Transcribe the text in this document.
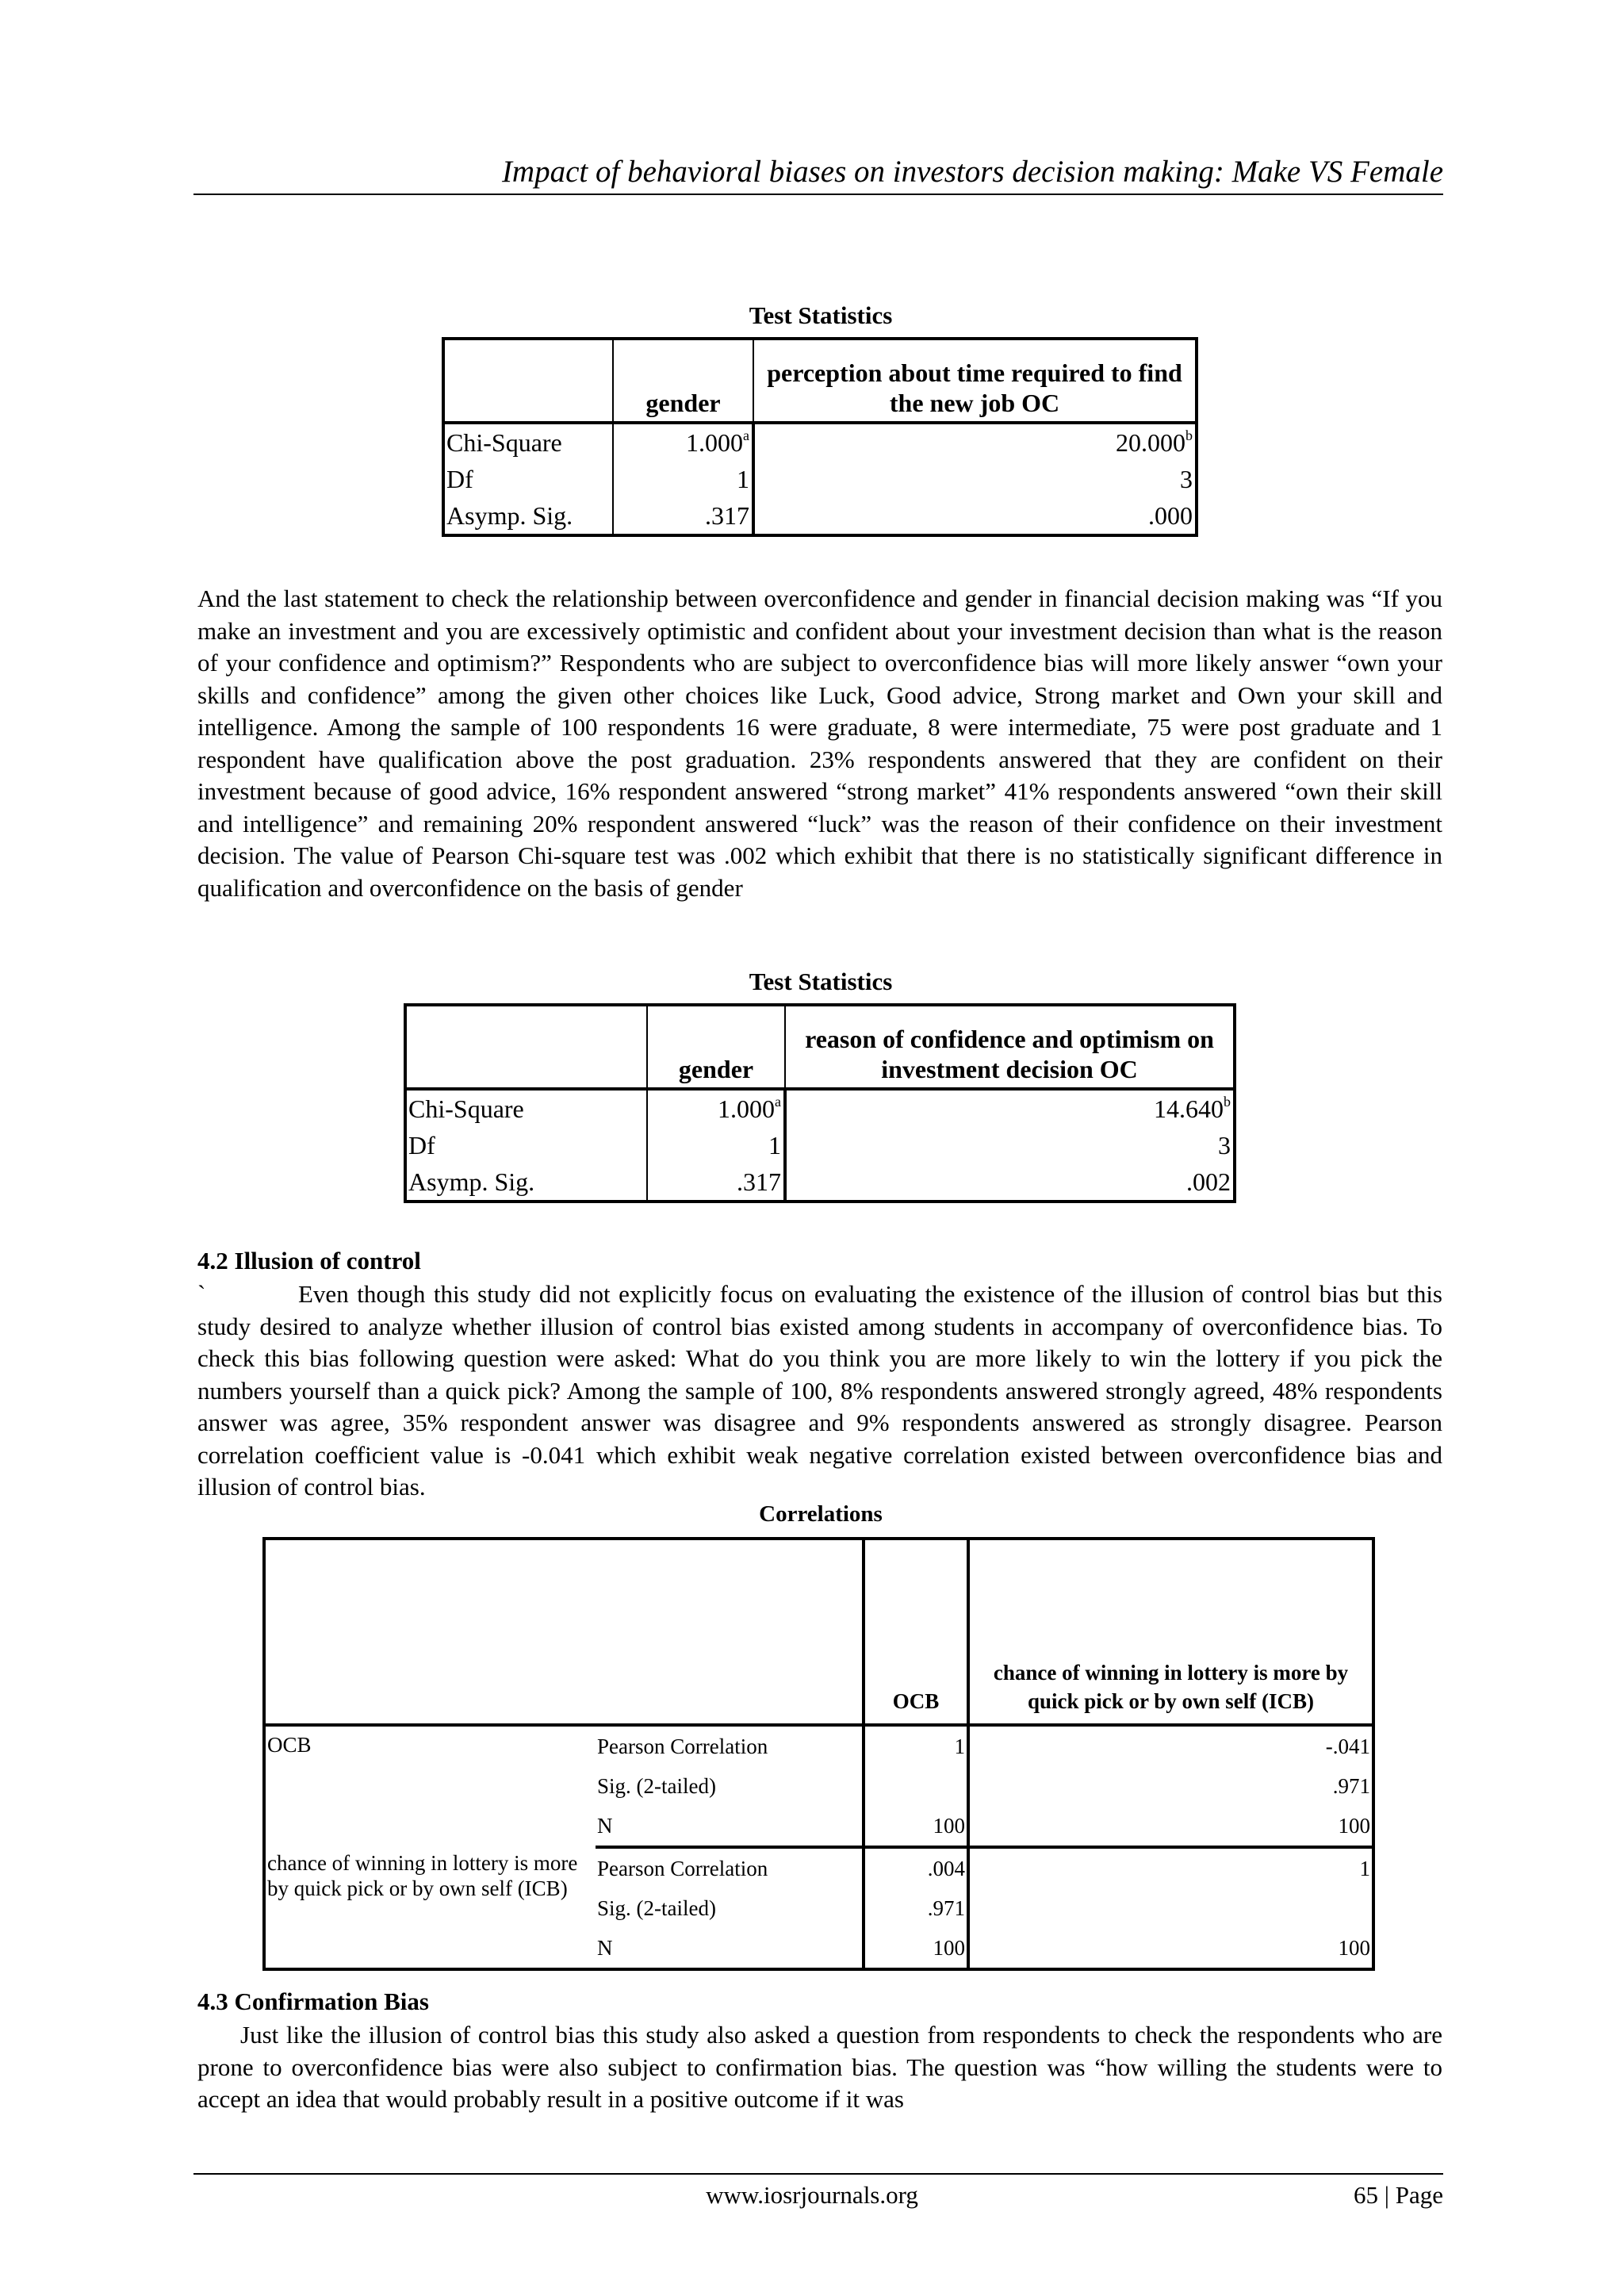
Impact of behavioral biases on investors decision making: Make VS Female
Test Statistics
	gender	perception about time required to find the new job OC
Chi-Square	1.000$^a$	20.000$^b$
Df	1	3
Asymp. Sig.	.317	.000

And the last statement to check the relationship between overconfidence and gender in financial decision making was “If you make an investment and you are excessively optimistic and confident about your investment decision than what is the reason of your confidence and optimism?” Respondents who are subject to overconfidence bias will more likely answer “own your skills and confidence” among the given other choices like Luck, Good advice, Strong market and Own your skill and intelligence. Among the sample of 100 respondents 16 were graduate, 8 were intermediate, 75 were post graduate and 1 respondent have qualification above the post graduation. 23% respondents answered that they are confident on their investment because of good advice, 16% respondent answered “strong market” 41% respondents answered “own their skill and intelligence” and remaining 20% respondent answered “luck” was the reason of their confidence on their investment decision. The value of Pearson Chi-square test was .002 which exhibit that there is no statistically significant difference in qualification and overconfidence on the basis of gender

Test Statistics
	gender	reason of confidence and optimism on investment decision OC
Chi-Square	1.000$^a$	14.640$^b$
Df	1	3
Asymp. Sig.	.317	.002

4.2 Illusion of control

`	Even though this study did not explicitly focus on evaluating the existence of the illusion of control bias but this study desired to analyze whether illusion of control bias existed among students in accompany of overconfidence bias. To check this bias following question were asked: What do you think you are more likely to win the lottery if you pick the numbers yourself than a quick pick? Among the sample of 100, 8% respondents answered strongly agreed, 48% respondents answer was agree, 35% respondent answer was disagree and 9% respondents answered as strongly disagree. Pearson correlation coefficient value is -0.041 which exhibit weak negative correlation existed between overconfidence bias and illusion of control bias.

Correlations
		OCB	chance of winning in lottery is more by quick pick or by own self (ICB)
OCB	Pearson Correlation	1	-.041
	Sig. (2-tailed)		.971
	N	100	100
chance of winning in lottery is more by quick pick or by own self (ICB)	Pearson Correlation	.004	1
	Sig. (2-tailed)	.971	
	N	100	100

4.3 Confirmation Bias

Just like the illusion of control bias this study also asked a question from respondents to check the respondents who are prone to overconfidence bias were also subject to confirmation bias. The question was “how willing the students were to accept an idea that would probably result in a positive outcome if it was

www.iosrjournals.org	65 | Page
